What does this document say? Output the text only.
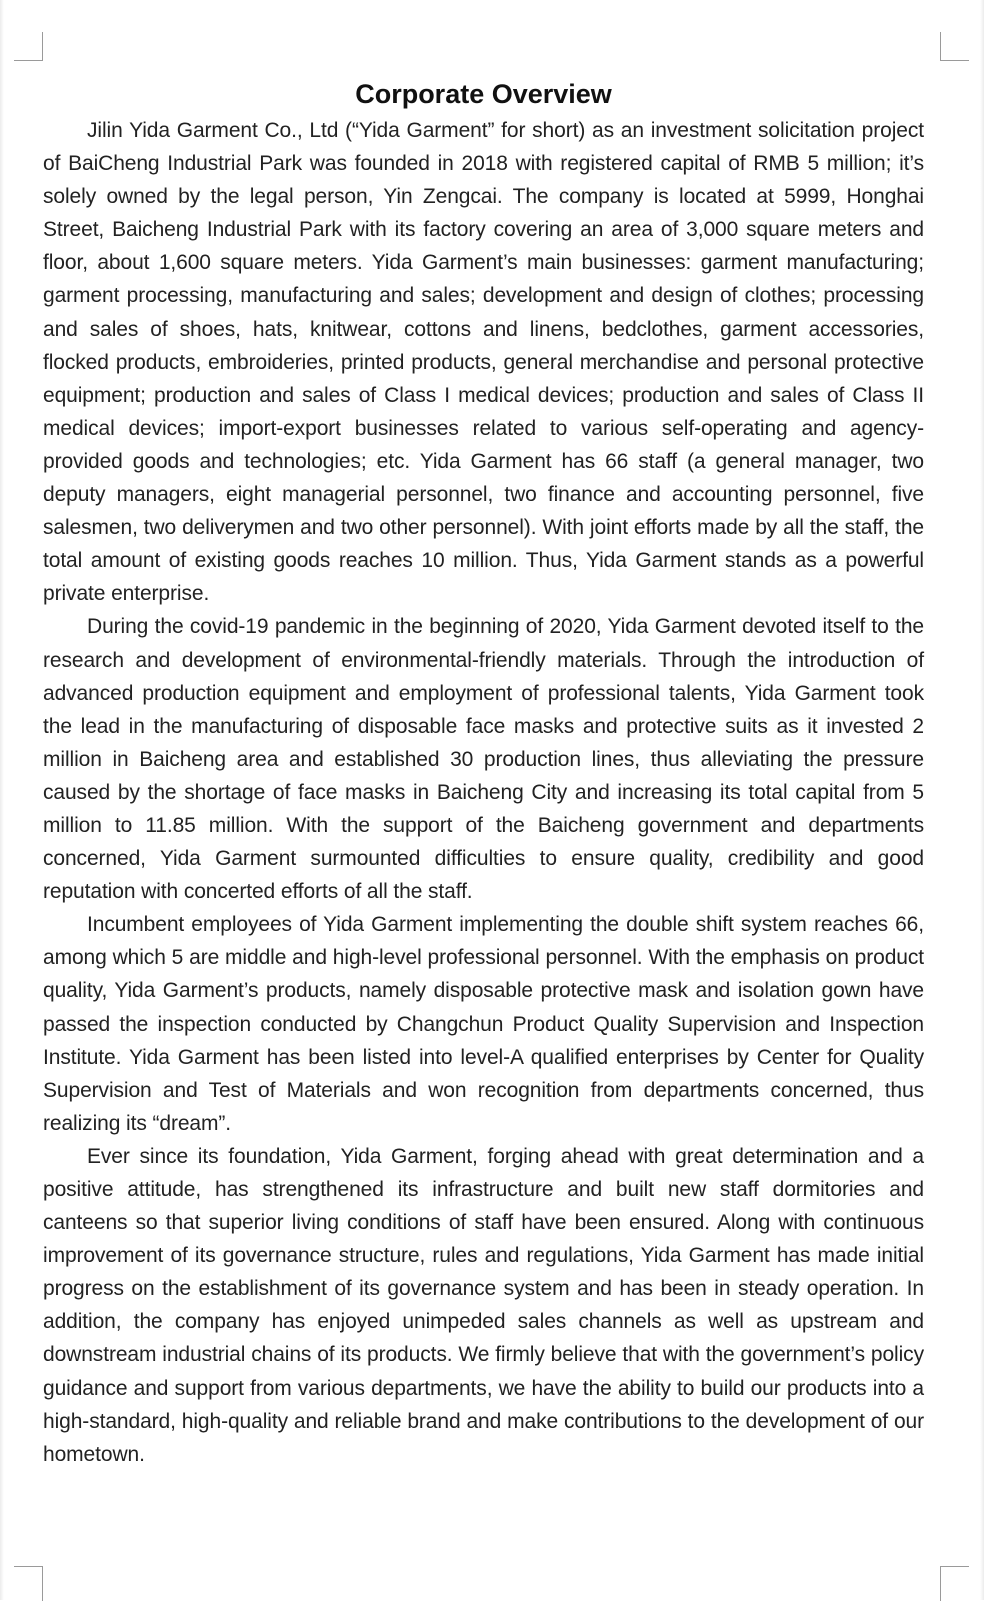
Corporate Overview

Jilin Yida Garment Co., Ltd (“Yida Garment” for short) as an investment solicitation project of BaiCheng Industrial Park was founded in 2018 with registered capital of RMB 5 million; it’s solely owned by the legal person, Yin Zengcai. The company is located at 5999, Honghai Street, Baicheng Industrial Park with its factory covering an area of 3,000 square meters and floor, about 1,600 square meters. Yida Garment’s main businesses: garment manufacturing; garment processing, manufacturing and sales; development and design of clothes; processing and sales of shoes, hats, knitwear, cottons and linens, bedclothes, garment accessories, flocked products, embroideries, printed products, general merchandise and personal protective equipment; production and sales of Class I medical devices; production and sales of Class II medical devices; import-export businesses related to various self-operating and agency-provided goods and technologies; etc. Yida Garment has 66 staff (a general manager, two deputy managers, eight managerial personnel, two finance and accounting personnel, five salesmen, two deliverymen and two other personnel). With joint efforts made by all the staff, the total amount of existing goods reaches 10 million. Thus, Yida Garment stands as a powerful private enterprise.

During the covid-19 pandemic in the beginning of 2020, Yida Garment devoted itself to the research and development of environmental-friendly materials. Through the introduction of advanced production equipment and employment of professional talents, Yida Garment took the lead in the manufacturing of disposable face masks and protective suits as it invested 2 million in Baicheng area and established 30 production lines, thus alleviating the pressure caused by the shortage of face masks in Baicheng City and increasing its total capital from 5 million to 11.85 million. With the support of the Baicheng government and departments concerned, Yida Garment surmounted difficulties to ensure quality, credibility and good reputation with concerted efforts of all the staff.

Incumbent employees of Yida Garment implementing the double shift system reaches 66, among which 5 are middle and high-level professional personnel. With the emphasis on product quality, Yida Garment’s products, namely disposable protective mask and isolation gown have passed the inspection conducted by Changchun Product Quality Supervision and Inspection Institute. Yida Garment has been listed into level-A qualified enterprises by Center for Quality Supervision and Test of Materials and won recognition from departments concerned, thus realizing its “dream”.

Ever since its foundation, Yida Garment, forging ahead with great determination and a positive attitude, has strengthened its infrastructure and built new staff dormitories and canteens so that superior living conditions of staff have been ensured. Along with continuous improvement of its governance structure, rules and regulations, Yida Garment has made initial progress on the establishment of its governance system and has been in steady operation. In addition, the company has enjoyed unimpeded sales channels as well as upstream and downstream industrial chains of its products. We firmly believe that with the government’s policy guidance and support from various departments, we have the ability to build our products into a high-standard, high-quality and reliable brand and make contributions to the development of our hometown.
